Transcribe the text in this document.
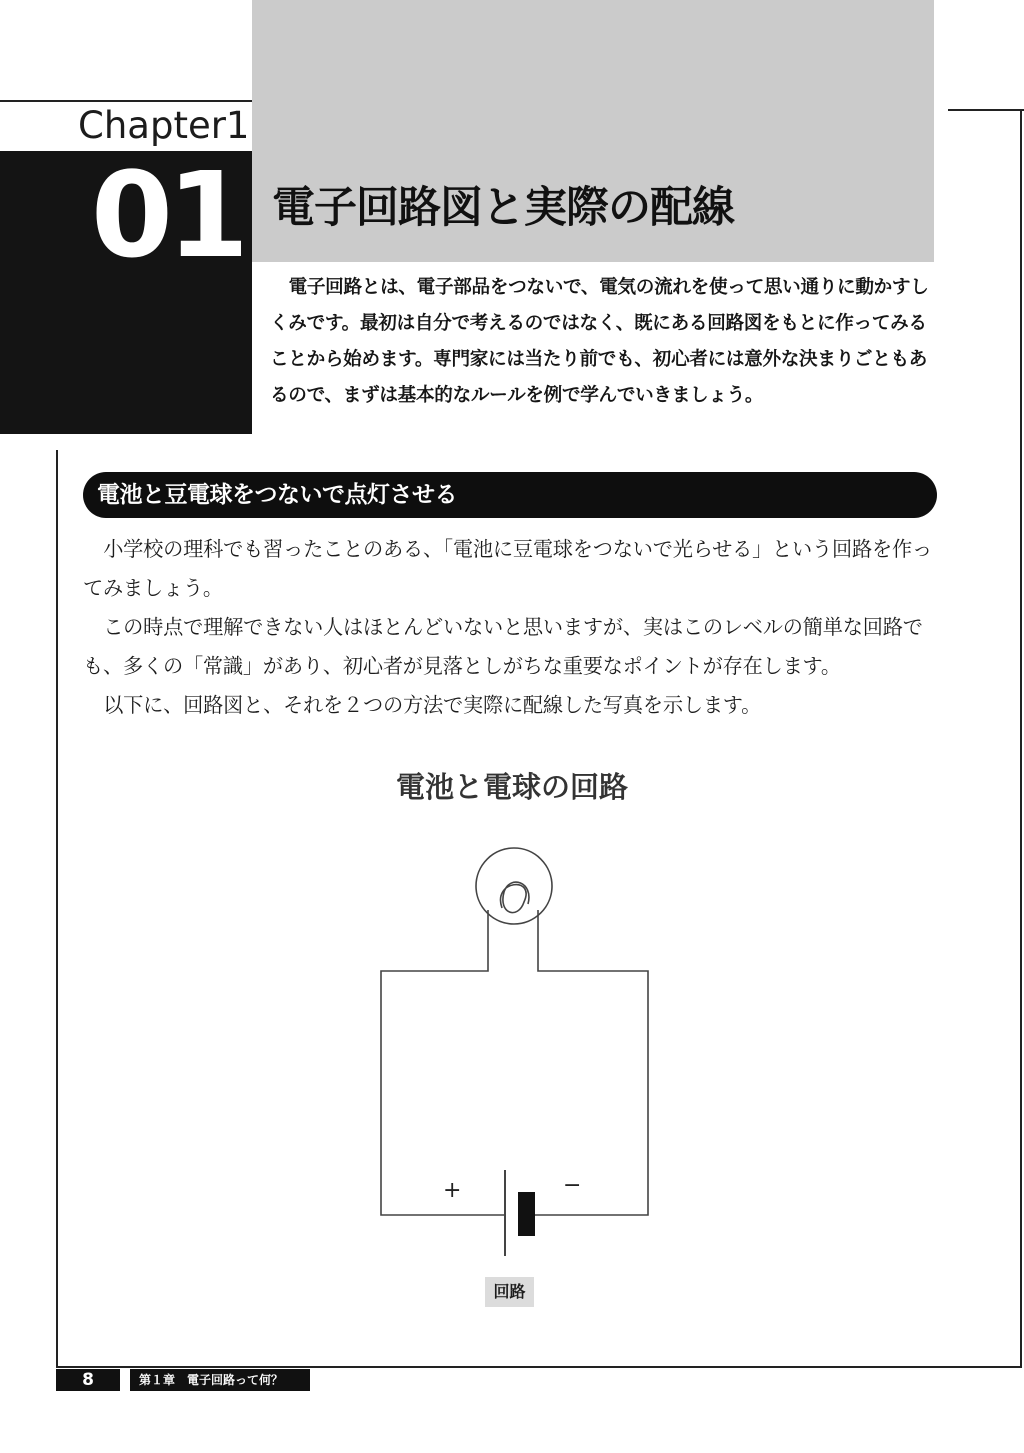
Chapter1
01 電子回路図と実際の配線
電子回路とは、電子部品をつないで、電気の流れを使って思い通りに動かすしくみです。最初は自分で考えるのではなく、既にある回路図をもとに作ってみることから始めます。専門家には当たり前でも、初心者には意外な決まりごともあるので、まずは基本的なルールを例で学んでいきましょう。
電池と豆電球をつないで点灯させる

小学校の理科でも習ったことのある、「電池に豆電球をつないで光らせる」という回路を作ってみましょう。

この時点で理解できない人はほとんどいないと思いますが、実はこのレベルの簡単な回路でも、多くの「常識」があり、初心者が見落としがちな重要なポイントが存在します。

以下に、回路図と、それを２つの方法で実際に配線した写真を示します。

電池と電球の回路
+	−
回路
8	第１章　電子回路って何？
